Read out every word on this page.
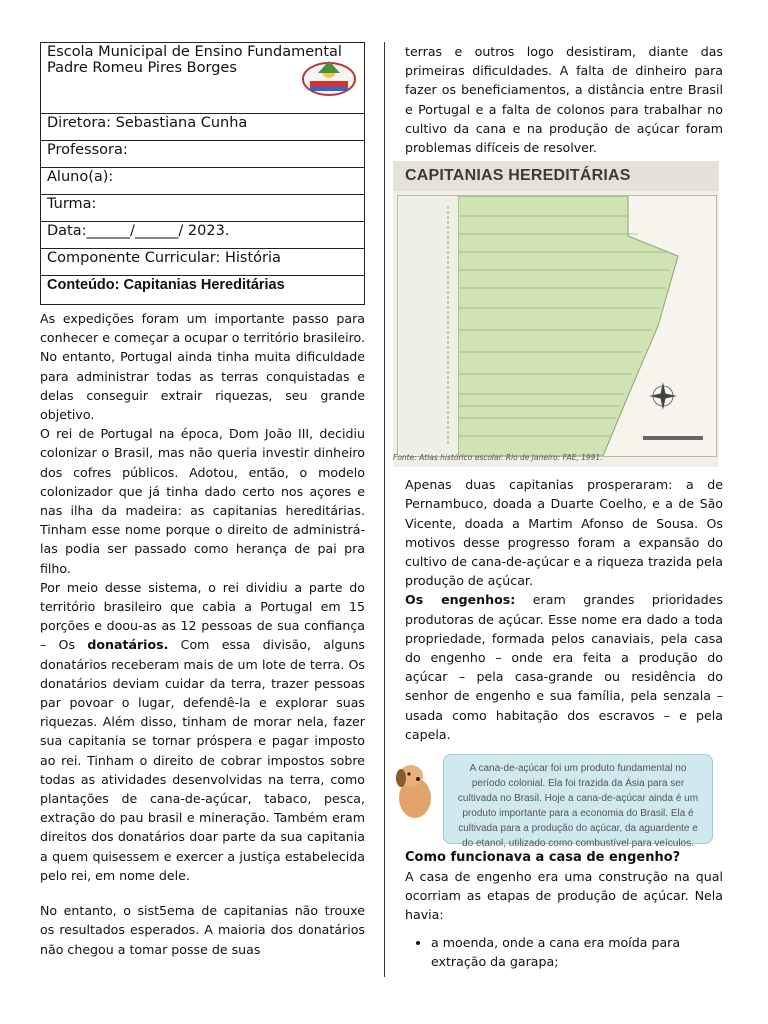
Escola Municipal de Ensino Fundamental Padre Romeu Pires Borges

Diretora: Sebastiana Cunha
Professora:
Aluno(a):
Turma:
Data:______/______/ 2023.
Componente Curricular: História
Conteúdo: Capitanias Hereditárias

As expedições foram um importante passo para conhecer e começar a ocupar o território brasileiro. No entanto, Portugal ainda tinha muita dificuldade para administrar todas as terras conquistadas e delas conseguir extrair riquezas, seu grande objetivo.

O rei de Portugal na época, Dom João III, decidiu colonizar o Brasil, mas não queria investir dinheiro dos cofres públicos. Adotou, então, o modelo colonizador que já tinha dado certo nos açores e nas ilha da madeira: as capitanias hereditárias. Tinham esse nome porque o direito de administrá-las podia ser passado como herança de pai pra filho.

Por meio desse sistema, o rei dividiu a parte do território brasileiro que cabia a Portugal em 15 porções e doou-as as 12 pessoas de sua confiança – Os donatários. Com essa divisão, alguns donatários receberam mais de um lote de terra. Os donatários deviam cuidar da terra, trazer pessoas par povoar o lugar, defendê-la e explorar suas riquezas. Além disso, tinham de morar nela, fazer sua capitania se tornar próspera e pagar imposto ao rei. Tinham o direito de cobrar impostos sobre todas as atividades desenvolvidas na terra, como plantações de cana-de-açúcar, tabaco, pesca, extração do pau brasil e mineração. Também eram direitos dos donatários doar parte da sua capitania a quem quisessem e exercer a justiça estabelecida pelo rei, em nome dele.

No entanto, o sist5ema de capitanias não trouxe os resultados esperados. A maioria dos donatários não chegou a tomar posse de suas

terras e outros logo desistiram, diante das primeiras dificuldades. A falta de dinheiro para fazer os beneficiamentos, a distância entre Brasil e Portugal e a falta de colonos para trabalhar no cultivo da cana e na produção de açúcar foram problemas difíceis de resolver.

CAPITANIAS HEREDITÁRIAS
Fonte: Atlas histórico escolar. Rio de Janeiro: FAE, 1991.

Apenas duas capitanias prosperaram: a de Pernambuco, doada a Duarte Coelho, e a de São Vicente, doada a Martim Afonso de Sousa. Os motivos desse progresso foram a expansão do cultivo de cana-de-açúcar e a riqueza trazida pela produção de açúcar.

Os engenhos: eram grandes prioridades produtoras de açúcar. Esse nome era dado a toda propriedade, formada pelos canaviais, pela casa do engenho – onde era feita a produção do açúcar – pela casa-grande ou residência do senhor de engenho e sua família, pela senzala – usada como habitação dos escravos – e pela capela.

A cana-de-açúcar foi um produto fundamental no período colonial. Ela foi trazida da Ásia para ser cultivada no Brasil. Hoje a cana-de-açúcar ainda é um produto importante para a economia do Brasil. Ela é cultivada para a produção do açúcar, da aguardente e do etanol, utilizado como combustível para veículos.
Como funcionava a casa de engenho?

A casa de engenho era uma construção na qual ocorriam as etapas de produção de açúcar. Nela havia:

• a moenda, onde a cana era moída para extração da garapa;
